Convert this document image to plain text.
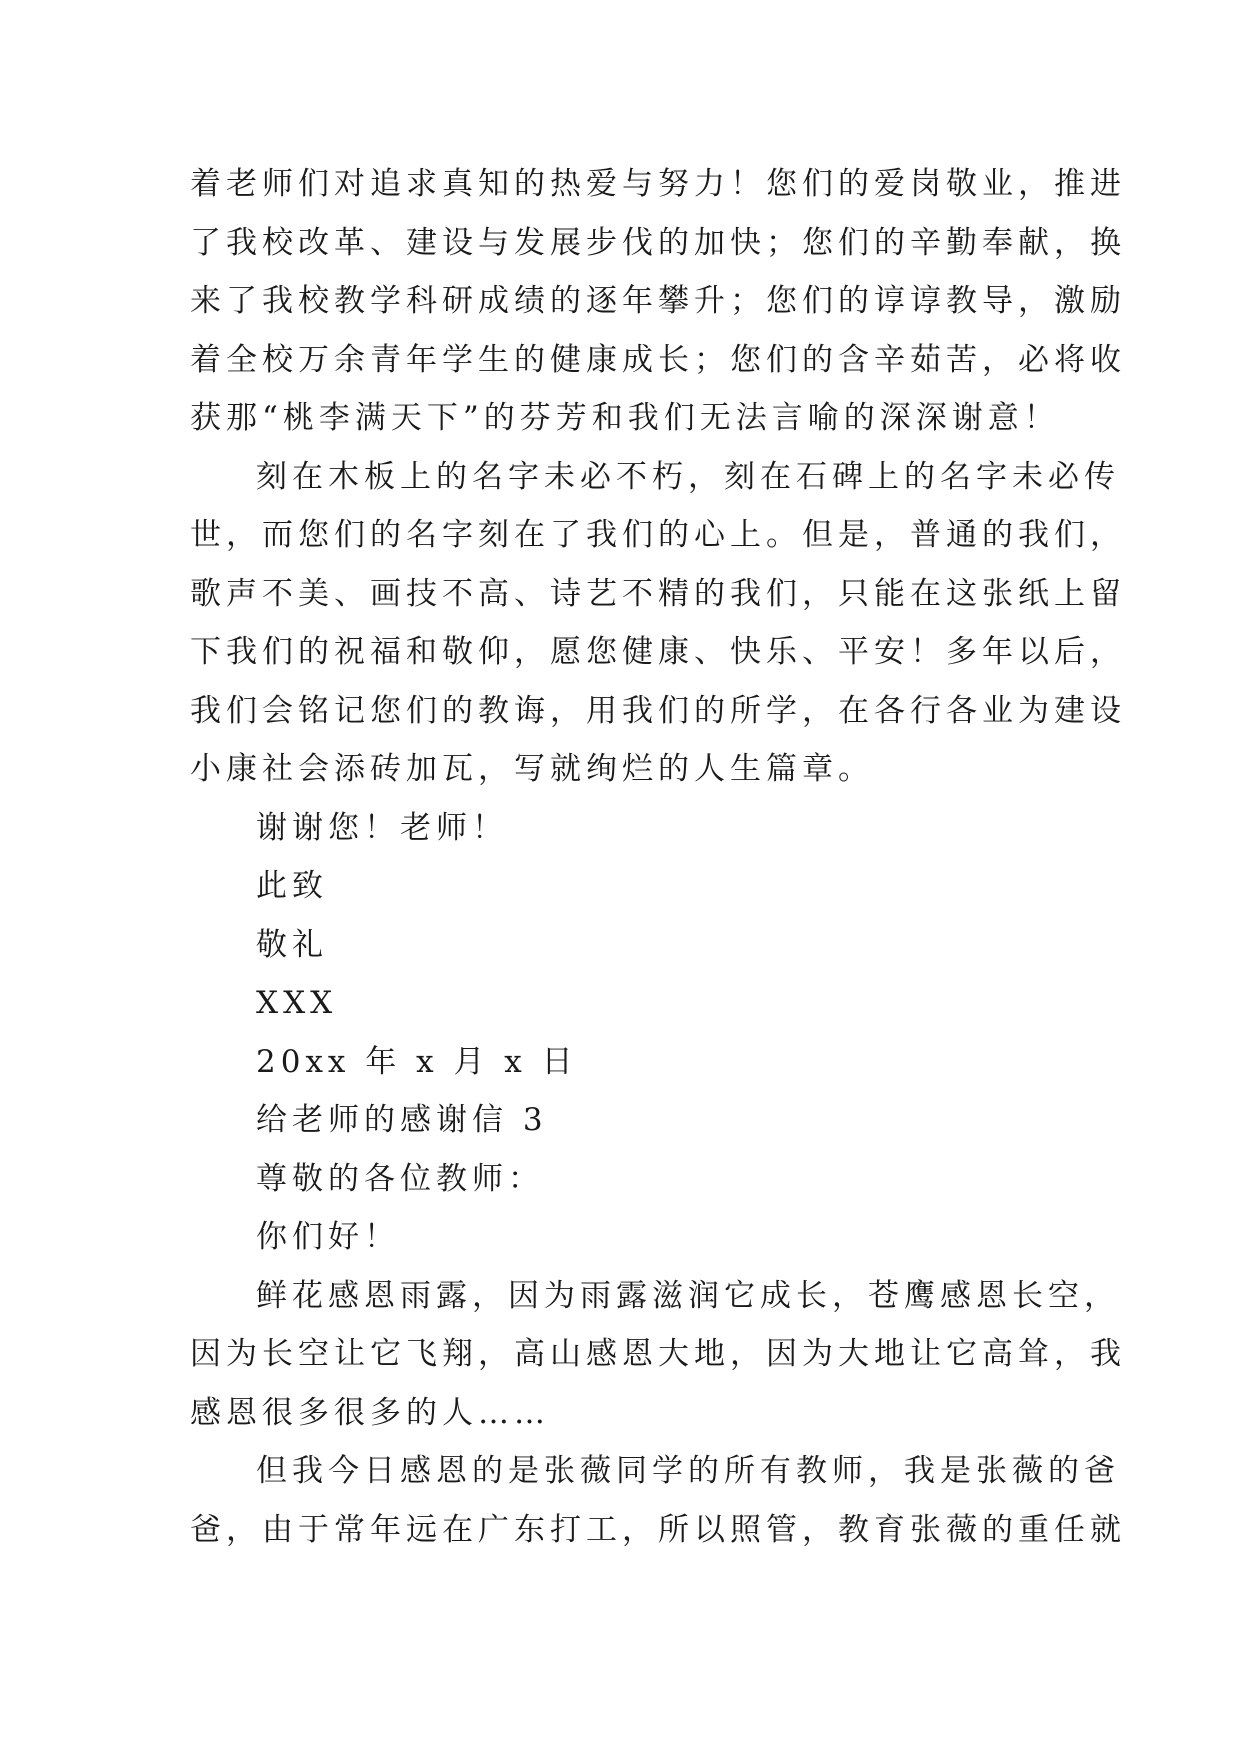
着老师们对追求真知的热爱与努力！您们的爱岗敬业，推进
了我校改革、建设与发展步伐的加快；您们的辛勤奉献，换
来了我校教学科研成绩的逐年攀升；您们的谆谆教导，激励
着全校万余青年学生的健康成长；您们的含辛茹苦，必将收
获那“桃李满天下”的芬芳和我们无法言喻的深深谢意！
刻在木板上的名字未必不朽，刻在石碑上的名字未必传
世，而您们的名字刻在了我们的心上。但是，普通的我们，
歌声不美、画技不高、诗艺不精的我们，只能在这张纸上留
下我们的祝福和敬仰，愿您健康、快乐、平安！多年以后，
我们会铭记您们的教诲，用我们的所学，在各行各业为建设
小康社会添砖加瓦，写就绚烂的人生篇章。
谢谢您！老师！
此致
敬礼
XXX
20xx 年 x 月 x 日
给老师的感谢信 3
尊敬的各位教师：
你们好！
鲜花感恩雨露，因为雨露滋润它成长，苍鹰感恩长空，
因为长空让它飞翔，高山感恩大地，因为大地让它高耸，我
感恩很多很多的人……
但我今日感恩的是张薇同学的所有教师，我是张薇的爸
爸，由于常年远在广东打工，所以照管，教育张薇的重任就
